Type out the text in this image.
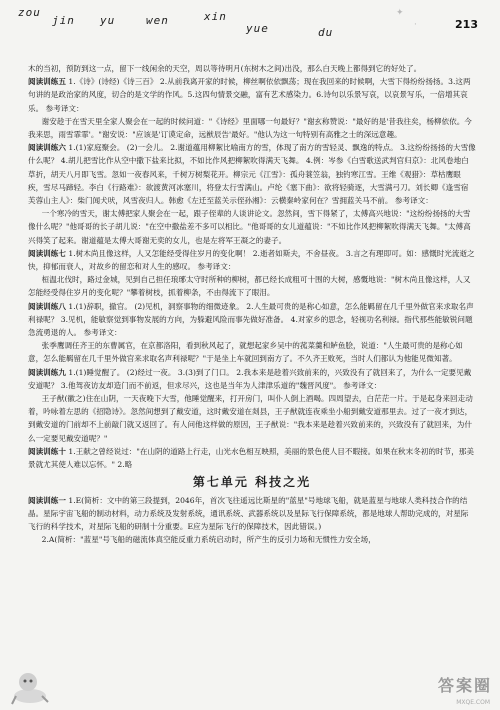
zou
jin yu	wen	xin
yue	du
✦
·	213

木的当初，预防到这一点，留下一线闲余的天空，周以等待明月(东树木之间)出没，那么白天晚上都得到它的好处了。

阅读训练五 1.《诗》(诗经)《诗三百》 2.从前我离开家的时候，柳丝啊依依飘荡；现在我回来的时候啊，大雪下得纷纷扬扬。3.这两句讲的是政治家的风度，切合的是文学的作风。5.这四句情景交融，富有艺术感染力。6.诗句以乐景写哀，以哀景写乐，一倍增其哀乐。 参考译文：

谢安趁于在雪天里全家人聚会在一起的时候问道："《诗经》里面哪一句最好？"谢玄称赞说："最好的是'昔我往矣，杨柳依依。今我来思，雨雪霏霏'。"谢安说："应该是'订谟定命，远猷辰告'最好。"他认为这一句特别有高雅之士的深远意趣。

阅读训练六 1.(1)家庭聚会。 (2)一会儿。 2.谢道蕴用柳絮比喻南方的雪，体现了南方的雪轻灵、飘逸的特点。 3.这纷纷扬扬的大雪像什么呢？ 4.胡儿把雪比作从空中撒下盐来比拟，不如比作风把柳絮吹得满天飞舞。 4.例：岑参《白雪歌送武判官归京》：北风卷地白草折，胡天八月即飞雪。忽如一夜春风来，千树万树梨花开。柳宗元《江雪》：孤舟蓑笠翁，独钓寒江雪。王维《观猎》：草枯鹰眼疾，雪尽马蹄轻。李白《行路难》：欲渡黄河冰塞川，将登太行雪满山。卢纶《塞下曲》：欲将轻骑逐，大雪满弓刀。刘长卿《逢雪宿芙蓉山主人》：柴门闻犬吠，风雪夜归人。韩愈《左迁至蓝关示侄孙湘》：云横秦岭家何在？雪拥蓝关马不前。 参考译文：

一个寒冷的雪天，谢太傅把家人聚会在一起，跟子侄辈的人谈讲论文。忽然间，雪下得紧了，太傅高兴地说："这纷纷扬扬的大雪像什么呢？"他哥哥的长子胡儿说："在空中撒盐差不多可以相比。"他哥哥的女儿道蕴说："不如比作风把柳絮吹得满天飞舞。"太傅高兴得笑了起来。谢道蕴是太傅大哥谢无奕的女儿，也是左将军王凝之的妻子。

阅读训练七 1.树木尚且像这样，人又怎能经受得住岁月的变化啊！ 2.逝者如斯夫，不舍昼夜。 3.言之有理即可。如：感慨时光流逝之快，抑郁而衰人，对故乡的留恋和对人生的感叹。 参考译文：

桓温北伐时，路过金城，见到自己担任琅琊太守时所种的柳树，都已经长成粗可十围的大树，感慨地说："树木尚且像这样，人又怎能经受得住岁月的变化呢？"攀着树枝，抓着柳条，不由得流下了眼泪。

阅读训练八 1.(1)辞职，撤官。 (2)见机，洞察事物的细微迹象。 2.人生最可贵的是称心如意，怎么能羁留在几千里外做官来求取名声利禄呢？ 3.见机，能敏察觉到事物发展的方向，为躲避风险而事先做好准备。 4.对家乡的思念，轻视功名利禄。指代那些能敏锐问题急流勇退的人。 参考译文：

张季鹰调任齐王的东曹属官，在京都洛阳，看到秋风起了，就想起家乡吴中的菰菜羹和鲈鱼脍，说道："人生最可贵的是称心如意，怎么能羁留在几千里外做官来求取名声利禄呢？"于是坐上车就回到南方了。不久齐王败死，当时人们都认为他能见微知著。

阅读训练九 1.(1)睡觉醒了。 (2)经过一夜。 3.(3)到了门口。 2.我本来是趁着兴致前来的，兴致没有了就回来了，为什么一定要见戴安道呢？ 3.他驾夜访友却造门而不前返，但求尽兴，这也是当年为人津津乐道的"魏晋风度"。 参考译文：

王子猷(徽之)住在山阴，一天夜晚下大雪，他睡觉醒来，打开房门，叫仆人倒上酒喝。四周望去，白茫茫一片。于是起身来回走动着，吟咏着左思的《招隐诗》。忽然间想到了戴安道，这时戴安道在剡县，王子猷就连夜乘坐小船到戴安道那里去。过了一夜才到达，到戴安道的门前却不上前敲门就又返回了。有人问他这样做的原因，王子猷说："我本来是趁着兴致前来的，兴致没有了就回来，为什么一定要见戴安道呢？"

阅读训练十 1.王献之曾经说过："在山阴的道路上行走，山光水色相互映照，美丽的景色使人目不暇接。如果在秋末冬初的时节，那美景就尤其使人难以忘怀。" 2.略

第七单元 科技之光

阅读训练一 1.E(简析：文中的第三段提到，2046年，首次飞往遥远比斯星的"蓝星"号地球飞船，就是蓝星与地球人类科技合作的结晶。星际宇宙飞船的制动材料，动力系统及发射系统，通讯系统、武器系统以及星际飞行保障系统，都是地球人帮助完成的，对星际飞行的科学技术，对星际飞船的研制十分重要。E应为星际飞行的保障技术，因此错误。)

2.A(简析："蓝星"号飞船的磁流体真空能反重力系统启动时，所产生的反引力场和无惯性力安全场，

答案圈
MXQE.COM
